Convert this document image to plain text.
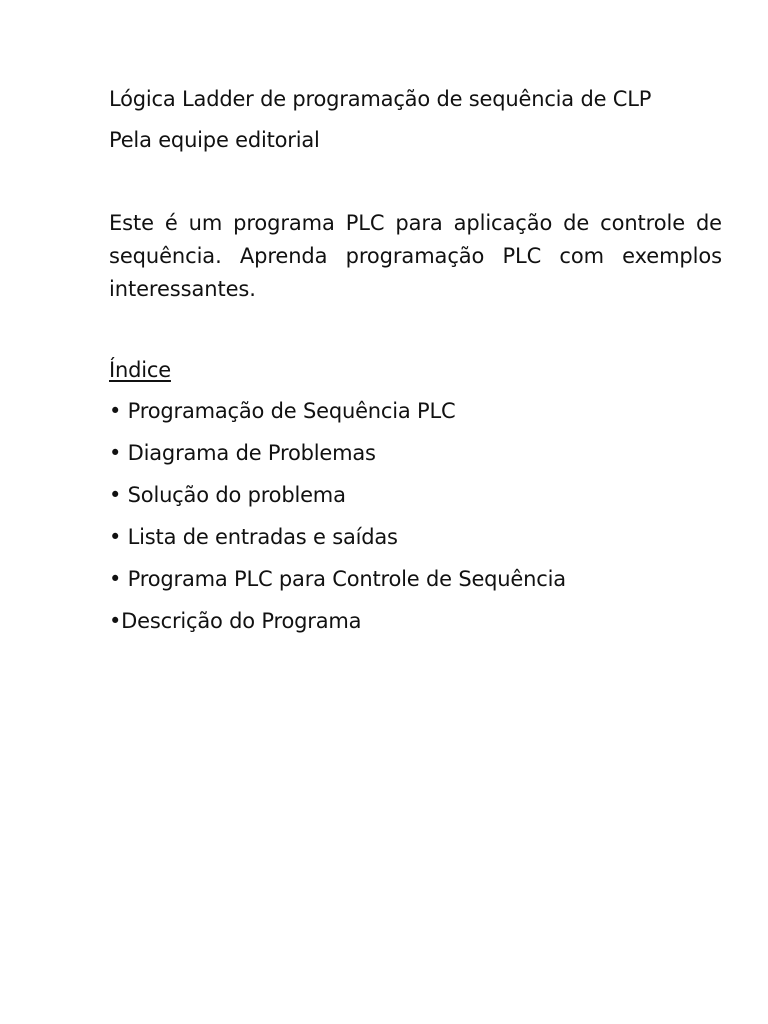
Lógica Ladder de programação de sequência de CLP

Pela equipe editorial

Este é um programa PLC para aplicação de controle de sequência. Aprenda programação PLC com exemplos interessantes.

Índice

• Programação de Sequência PLC
• Diagrama de Problemas
• Solução do problema
• Lista de entradas e saídas
• Programa PLC para Controle de Sequência
•Descrição do Programa
